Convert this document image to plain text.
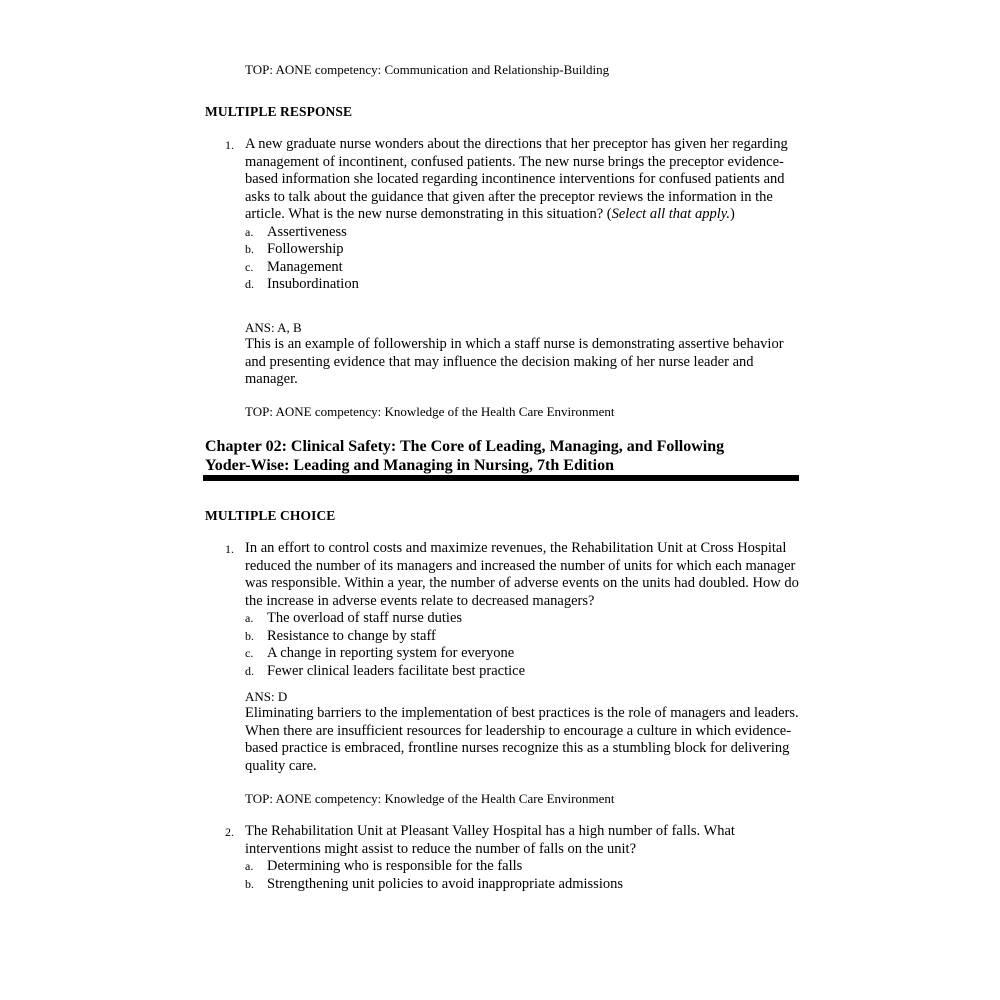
TOP: AONE competency: Communication and Relationship-Building
MULTIPLE RESPONSE
1. A new graduate nurse wonders about the directions that her preceptor has given her regarding management of incontinent, confused patients. The new nurse brings the preceptor evidence-based information she located regarding incontinence interventions for confused patients and asks to talk about the guidance that given after the preceptor reviews the information in the article. What is the new nurse demonstrating in this situation? (Select all that apply.)
a. Assertiveness
b. Followership
c. Management
d. Insubordination
ANS: A, B
This is an example of followership in which a staff nurse is demonstrating assertive behavior and presenting evidence that may influence the decision making of her nurse leader and manager.
TOP: AONE competency: Knowledge of the Health Care Environment
Chapter 02: Clinical Safety: The Core of Leading, Managing, and Following
Yoder-Wise: Leading and Managing in Nursing, 7th Edition
MULTIPLE CHOICE
1. In an effort to control costs and maximize revenues, the Rehabilitation Unit at Cross Hospital reduced the number of its managers and increased the number of units for which each manager was responsible. Within a year, the number of adverse events on the units had doubled. How do the increase in adverse events relate to decreased managers?
a. The overload of staff nurse duties
b. Resistance to change by staff
c. A change in reporting system for everyone
d. Fewer clinical leaders facilitate best practice
ANS: D
Eliminating barriers to the implementation of best practices is the role of managers and leaders. When there are insufficient resources for leadership to encourage a culture in which evidence-based practice is embraced, frontline nurses recognize this as a stumbling block for delivering quality care.
TOP: AONE competency: Knowledge of the Health Care Environment
2. The Rehabilitation Unit at Pleasant Valley Hospital has a high number of falls. What interventions might assist to reduce the number of falls on the unit?
a. Determining who is responsible for the falls
b. Strengthening unit policies to avoid inappropriate admissions
